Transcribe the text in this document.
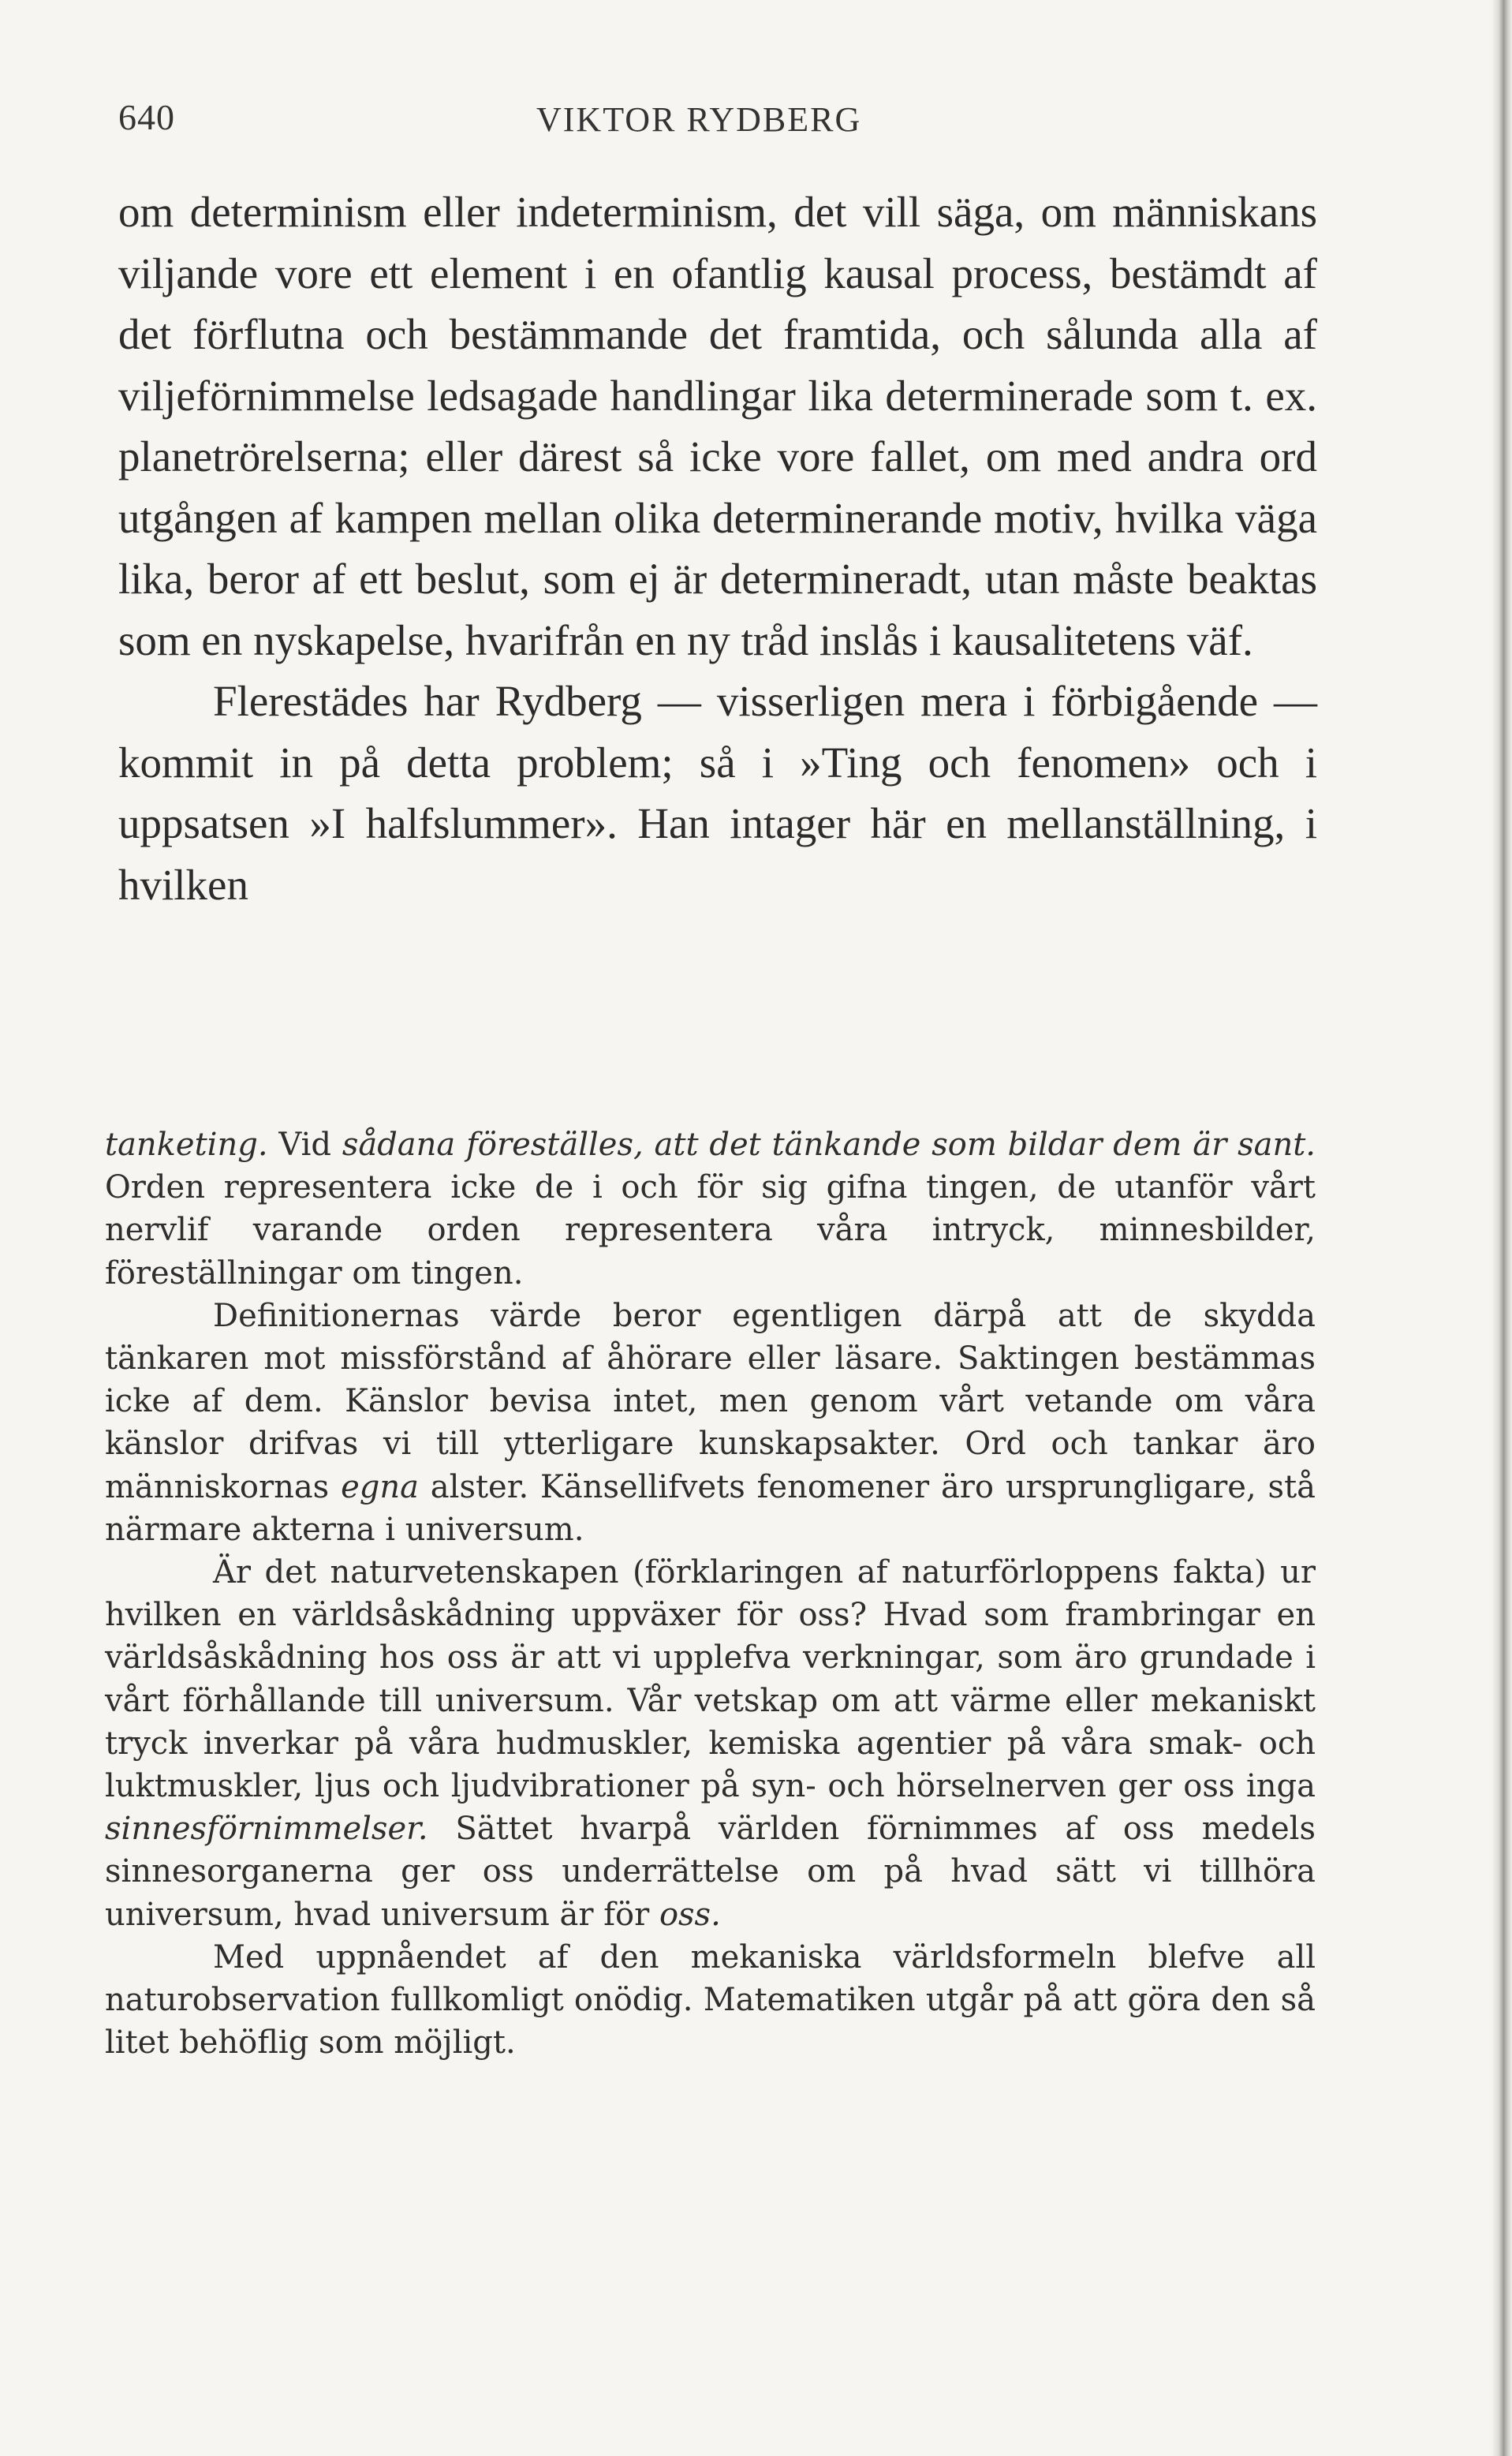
640	VIKTOR RYDBERG

om determinism eller indeterminism, det vill säga, om människans viljande vore ett element i en ofantlig kausal process, bestämdt af det förflutna och bestämmande det framtida, och sålunda alla af viljeförnimmelse ledsagade handlingar lika determinerade som t. ex. planetrörelserna; eller därest så icke vore fallet, om med andra ord utgången af kampen mellan olika determinerande motiv, hvilka väga lika, beror af ett beslut, som ej är determineradt, utan måste beaktas som en nyskapelse, hvarifrån en ny tråd inslås i kausalitetens väf.

Flerestädes har Rydberg — visserligen mera i förbigående — kommit in på detta problem; så i »Ting och fenomen» och i uppsatsen »I halfslummer». Han intager här en mellanställning, i hvilken

tanketing. Vid sådana föreställes, att det tänkande som bildar dem är sant. Orden representera icke de i och för sig gifna tingen, de utanför vårt nervlif varande orden representera våra intryck, minnesbilder, föreställningar om tingen.

Definitionernas värde beror egentligen därpå att de skydda tänkaren mot missförstånd af åhörare eller läsare. Saktingen bestämmas icke af dem. Känslor bevisa intet, men genom vårt vetande om våra känslor drifvas vi till ytterligare kunskapsakter. Ord och tankar äro människornas egna alster. Känsellifvets fenomener äro ursprungligare, stå närmare akterna i universum.

Är det naturvetenskapen (förklaringen af naturförloppens fakta) ur hvilken en världsåskådning uppväxer för oss? Hvad som frambringar en världsåskådning hos oss är att vi upplefva verkningar, som äro grundade i vårt förhållande till universum. Vår vetskap om att värme eller mekaniskt tryck inverkar på våra hudmuskler, kemiska agentier på våra smak- och luktmuskler, ljus och ljudvibrationer på syn- och hörselnerven ger oss inga sinnesförnimmelser. Sättet hvarpå världen förnimmes af oss medels sinnesorganerna ger oss underrättelse om på hvad sätt vi tillhöra universum, hvad universum är för oss.

Med uppnåendet af den mekaniska världsformeln blefve all naturobservation fullkomligt onödig. Matematiken utgår på att göra den så litet behöflig som möjligt.
